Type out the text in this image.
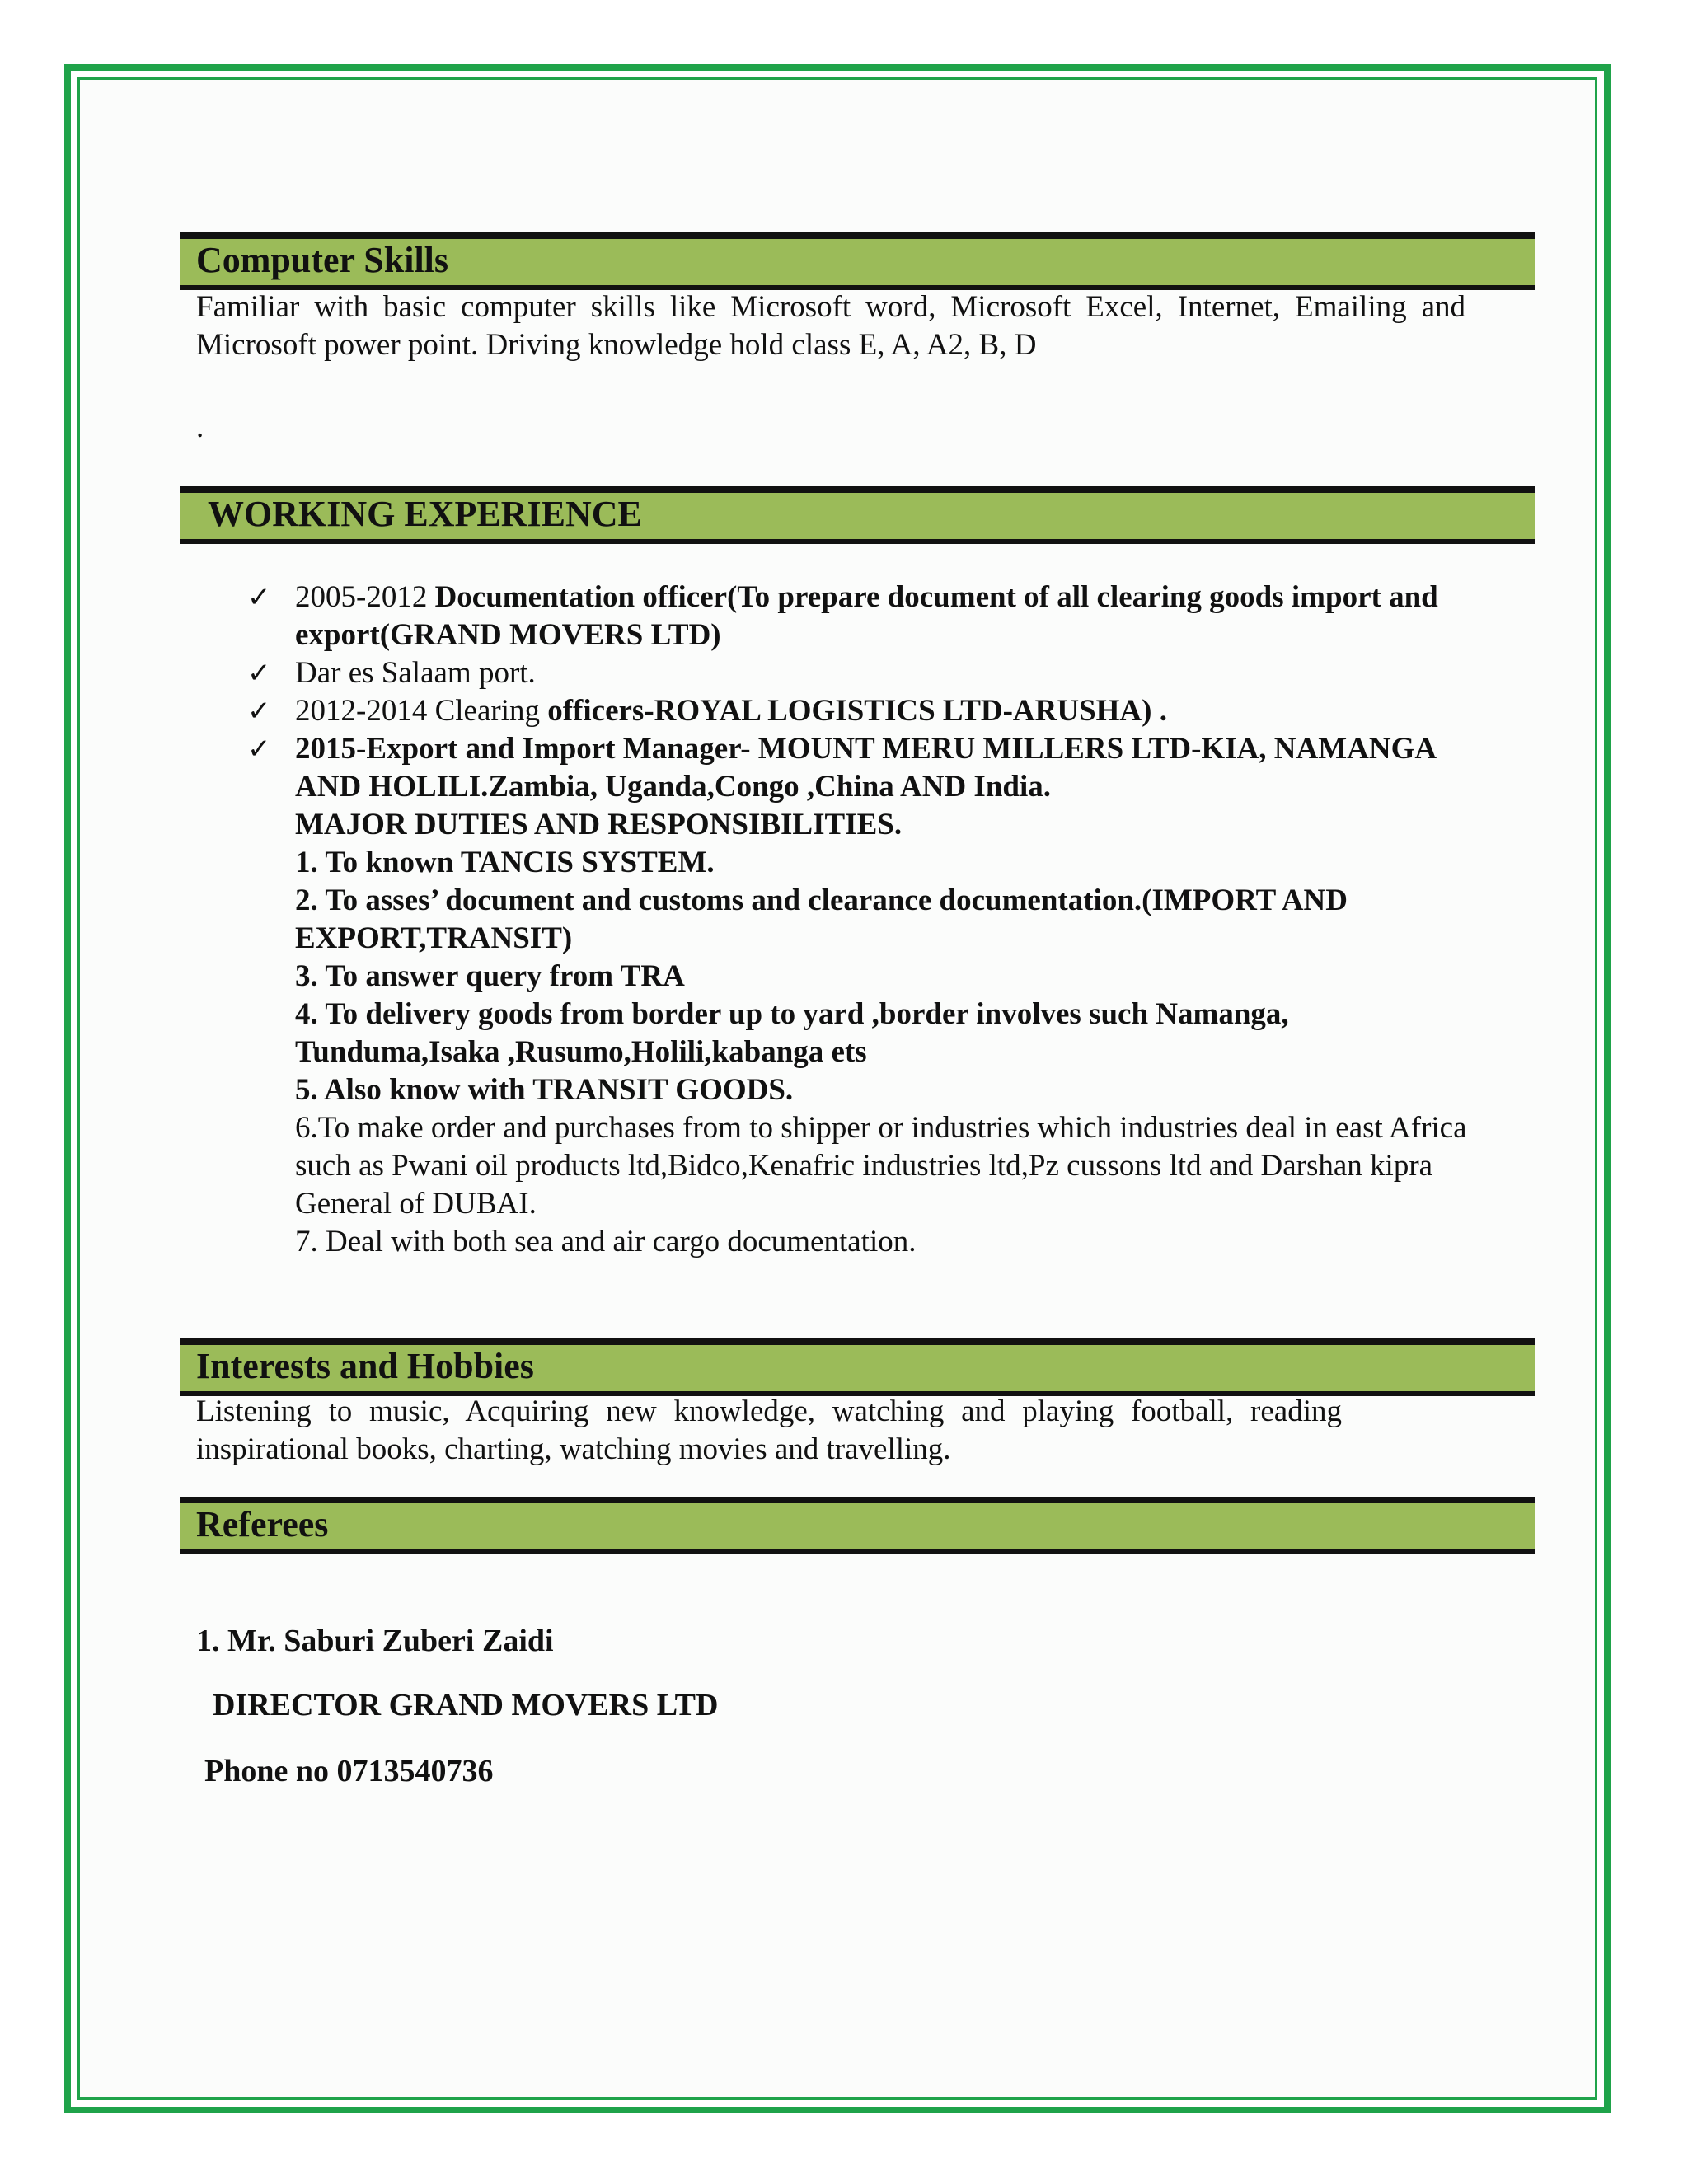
Computer Skills
Familiar with basic computer skills like Microsoft word, Microsoft Excel, Internet, Emailing and Microsoft power point. Driving knowledge hold class E, A, A2, B, D
.
WORKING EXPERIENCE
✓ 2005-2012 Documentation officer(To prepare document of all clearing goods import and export(GRAND MOVERS LTD)
✓ Dar es Salaam port.
✓ 2012-2014 Clearing officers-ROYAL LOGISTICS LTD-ARUSHA) .
✓ 2015-Export and Import Manager- MOUNT MERU MILLERS LTD-KIA, NAMANGA AND HOLILI.Zambia, Uganda,Congo ,China AND India.
MAJOR DUTIES AND RESPONSIBILITIES.
1. To known TANCIS SYSTEM.
2. To asses’ document and customs and clearance documentation.(IMPORT AND EXPORT,TRANSIT)
3. To answer query from TRA
4. To delivery goods from border up to yard ,border involves such Namanga, Tunduma,Isaka ,Rusumo,Holili,kabanga ets
5. Also know with TRANSIT GOODS.
6.To make order and purchases from to shipper or industries which industries deal in east Africa such as Pwani oil products ltd,Bidco,Kenafric industries ltd,Pz cussons ltd and Darshan kipra General of DUBAI.
7. Deal with both sea and air cargo documentation.
Interests and Hobbies
Listening to music, Acquiring new knowledge, watching and playing football, reading inspirational books, charting, watching movies and travelling.
Referees
1. Mr. Saburi Zuberi Zaidi
DIRECTOR GRAND MOVERS LTD
Phone no 0713540736
